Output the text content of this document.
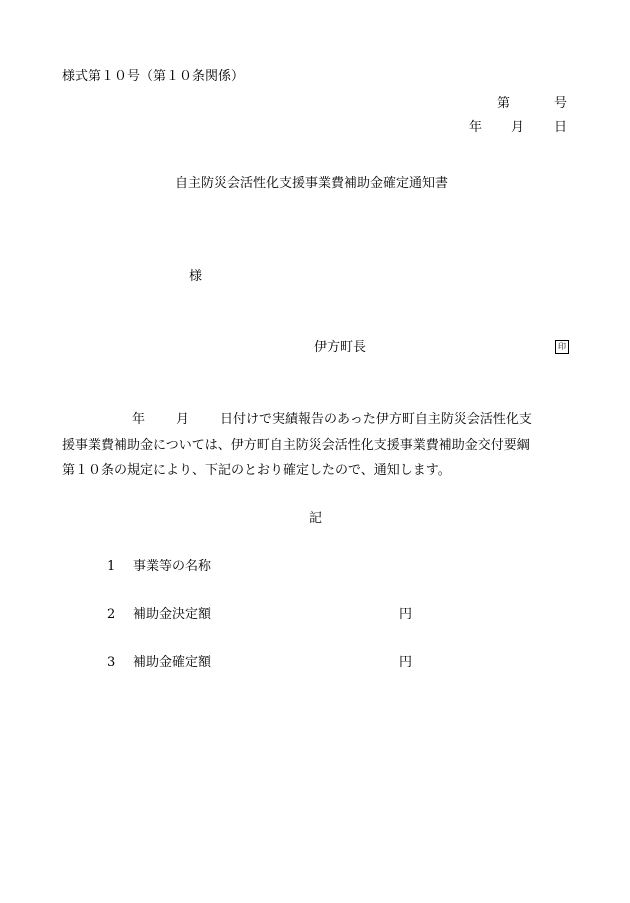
様式第１０号（第１０条関係）
第	号
年 月 日
自主防災会活性化支援事業費補助金確定通知書
様
伊方町長	印
年 月 日付けで実績報告のあった伊方町自主防災会活性化支
援事業費補助金については、伊方町自主防災会活性化支援事業費補助金交付要綱
第１０条の規定により、下記のとおり確定したので、通知します。
記
1 事業等の名称
2 補助金決定額	円
3 補助金確定額	円
